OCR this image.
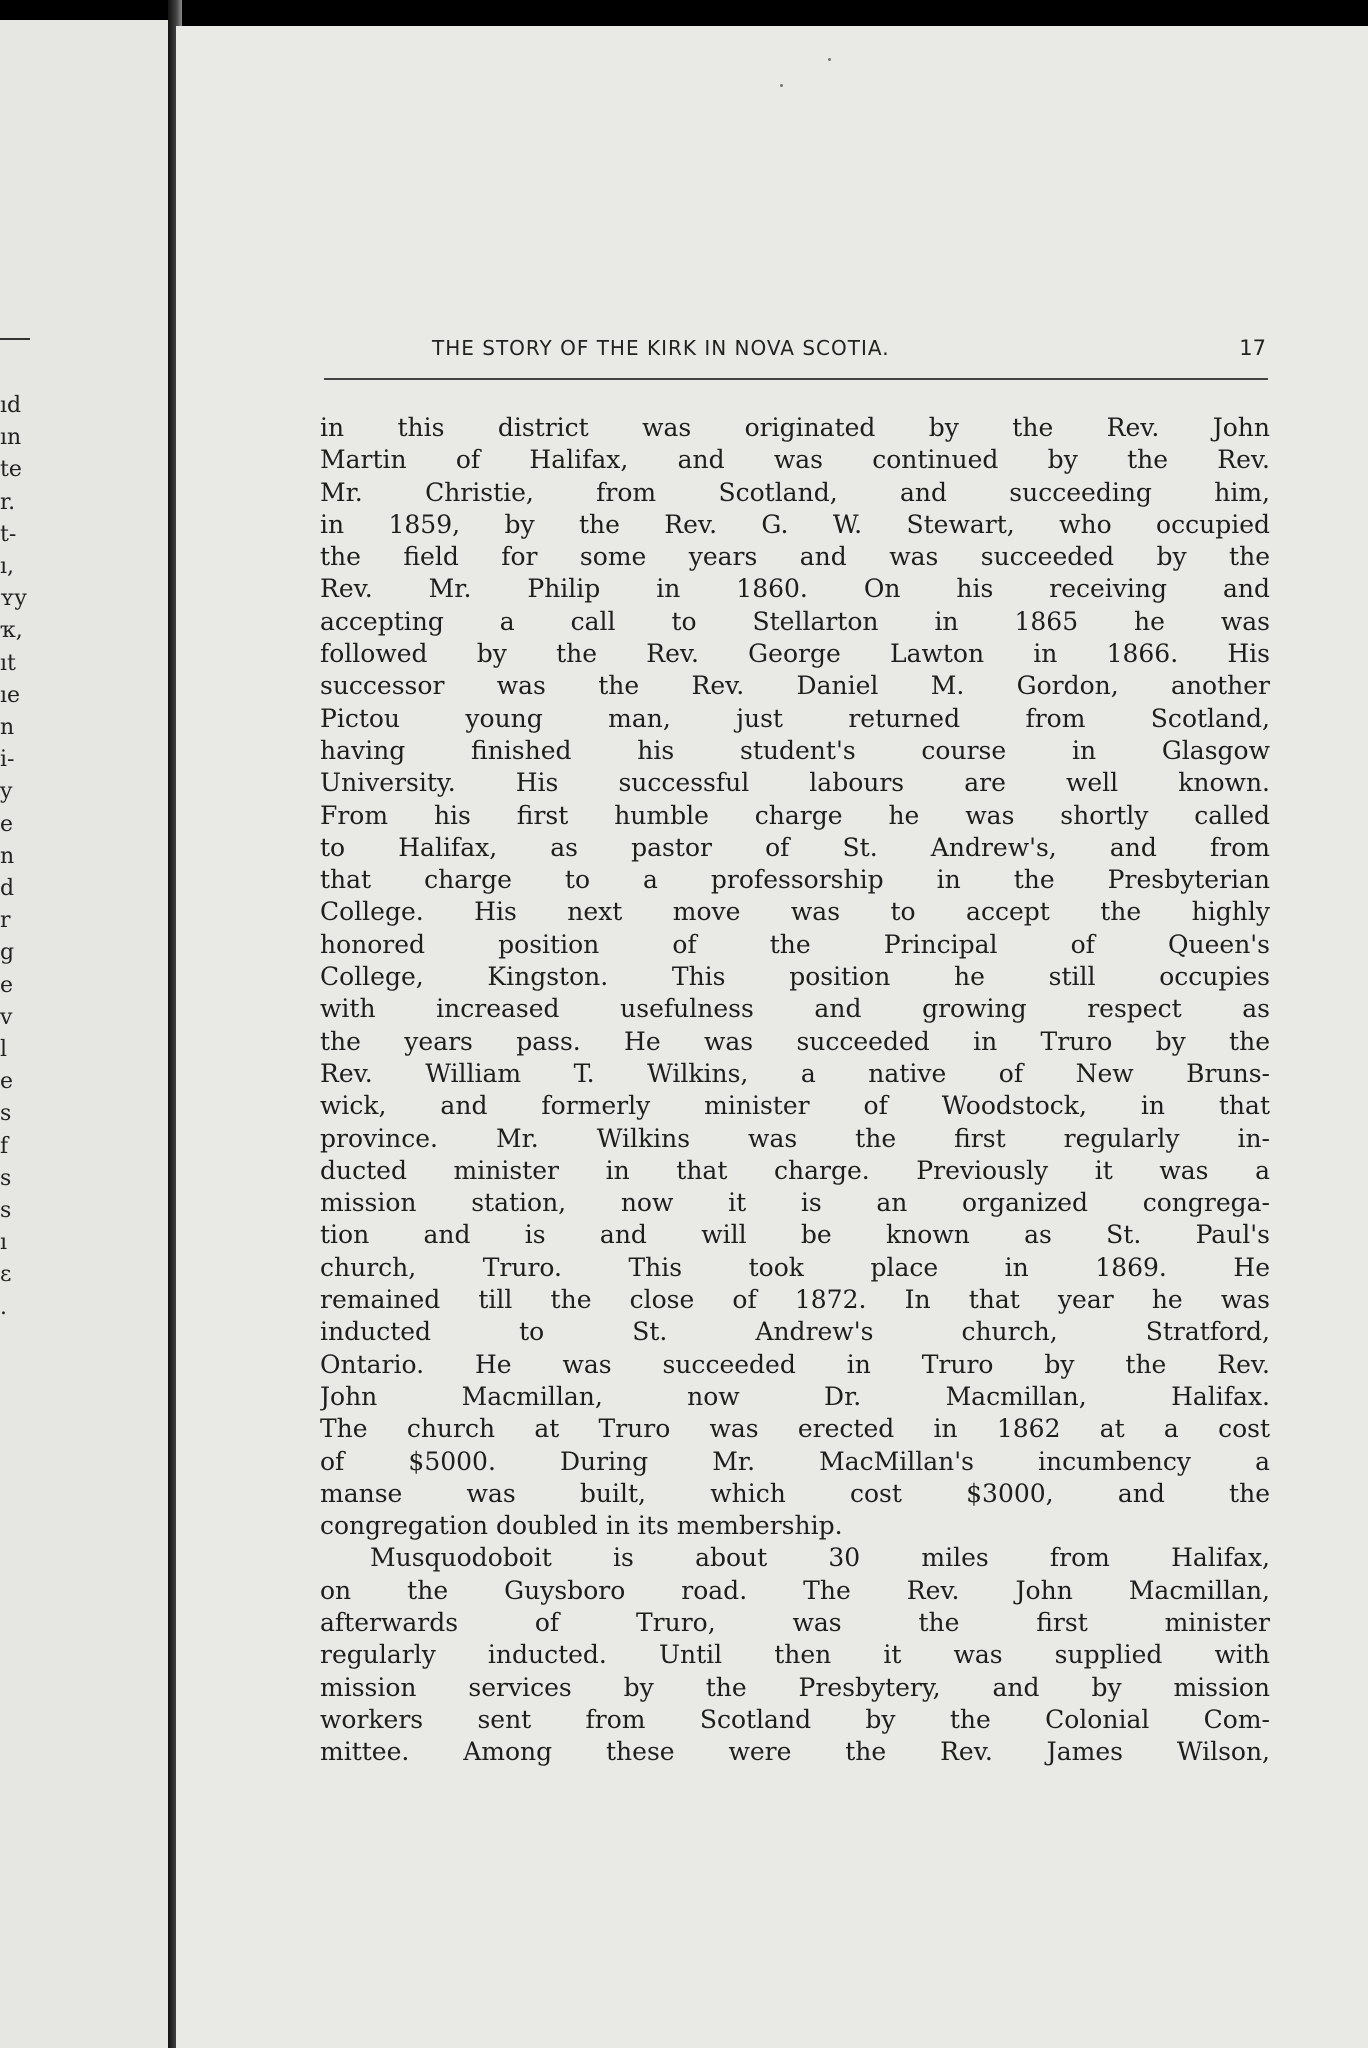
ıd
ın
te
r.
t-
ı,
ʏy
ҡ,
ıt
ıe
n
i-
y
e
n
d
r
g
e
v
l
e
s
f
s
s
ı
ɛ
.
THE STORY OF THE KIRK IN NOVA SCOTIA.	17
in this district was originated by the Rev. John
Martin of Halifax, and was continued by the Rev.
Mr. Christie, from Scotland, and succeeding him,
in 1859, by the Rev. G. W. Stewart, who occupied
the field for some years and was succeeded by the
Rev. Mr. Philip in 1860. On his receiving and
accepting a call to Stellarton in 1865 he was
followed by the Rev. George Lawton in 1866. His
successor was the Rev. Daniel M. Gordon, another
Pictou young man, just returned from Scotland,
having finished his student's course in Glasgow
University. His successful labours are well known.
From his first humble charge he was shortly called
to Halifax, as pastor of St. Andrew's, and from
that charge to a professorship in the Presbyterian
College. His next move was to accept the highly
honored position of the Principal of Queen's
College, Kingston. This position he still occupies
with increased usefulness and growing respect as
the years pass. He was succeeded in Truro by the
Rev. William T. Wilkins, a native of New Bruns-
wick, and formerly minister of Woodstock, in that
province. Mr. Wilkins was the first regularly in-
ducted minister in that charge. Previously it was a
mission station, now it is an organized congrega-
tion and is and will be known as St. Paul's
church, Truro. This took place in 1869. He
remained till the close of 1872. In that year he was
inducted to St. Andrew's church, Stratford,
Ontario. He was succeeded in Truro by the Rev.
John Macmillan, now Dr. Macmillan, Halifax.
The church at Truro was erected in 1862 at a cost
of $5000. During Mr. MacMillan's incumbency a
manse was built, which cost $3000, and the
congregation doubled in its membership.
Musquodoboit is about 30 miles from Halifax,
on the Guysboro road. The Rev. John Macmillan,
afterwards of Truro, was the first minister
regularly inducted. Until then it was supplied with
mission services by the Presbytery, and by mission
workers sent from Scotland by the Colonial Com-
mittee. Among these were the Rev. James Wilson,
